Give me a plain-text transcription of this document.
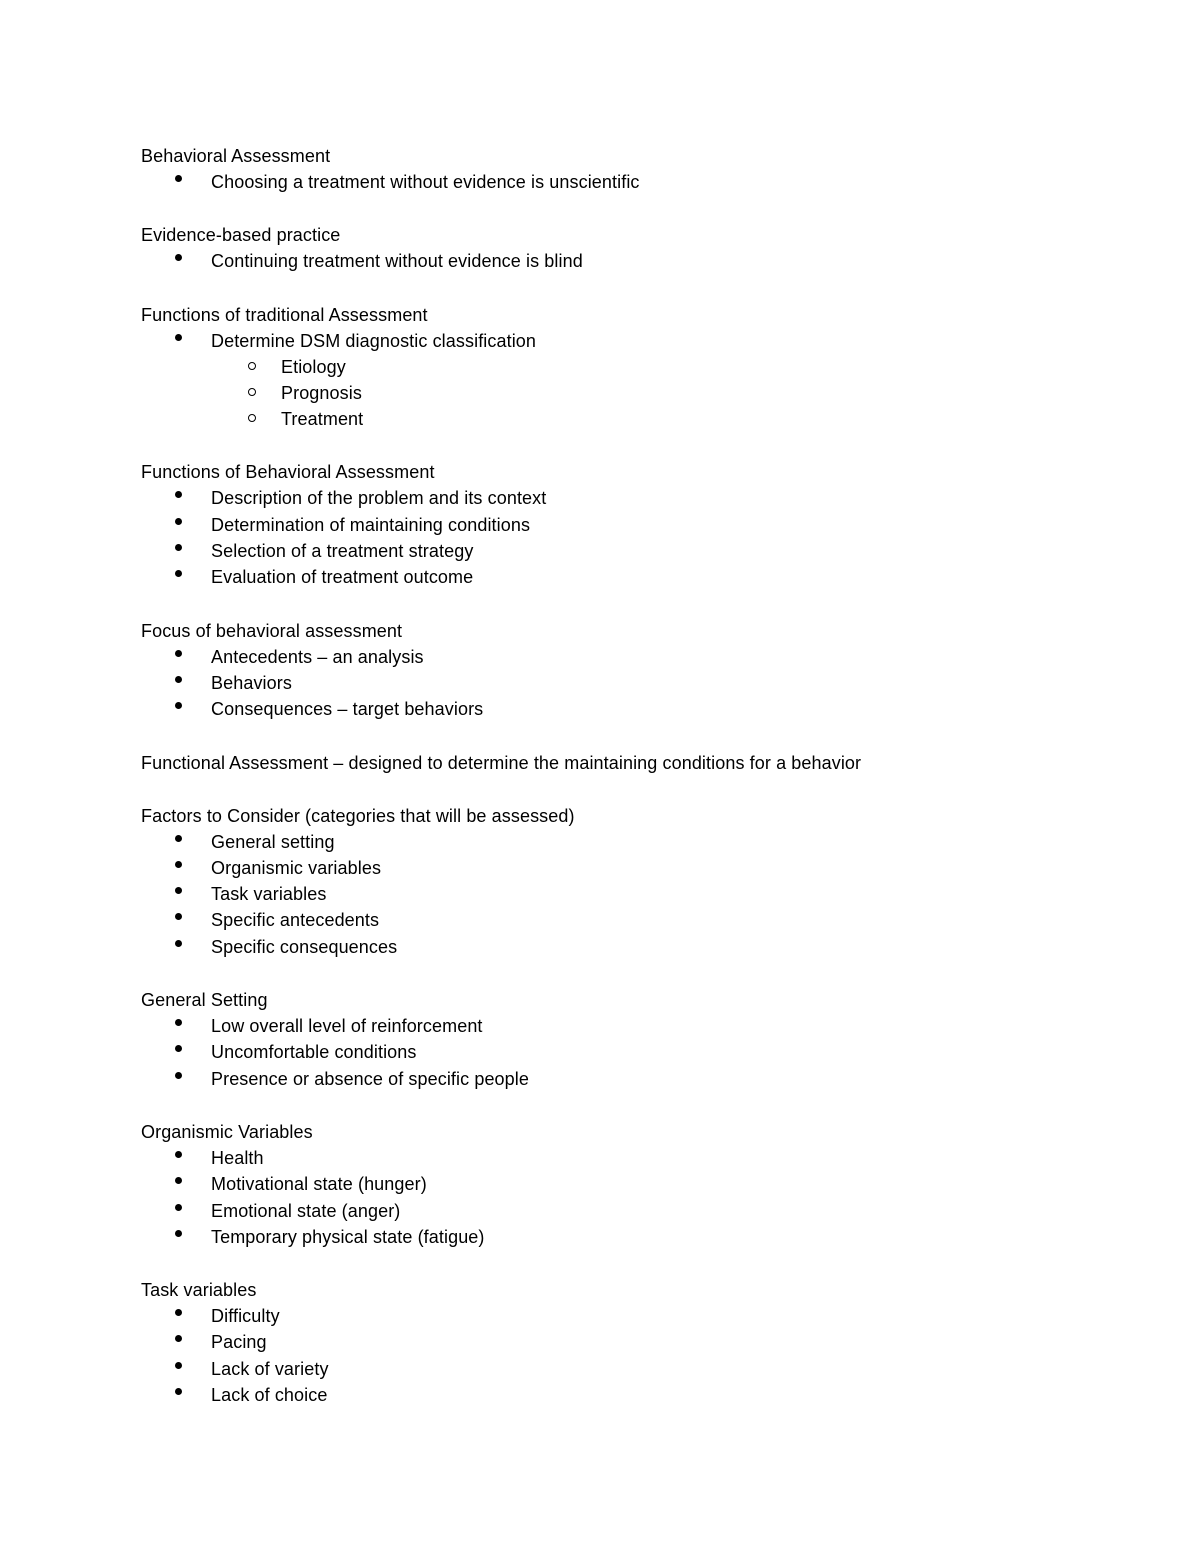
Behavioral Assessment
Choosing a treatment without evidence is unscientific
Evidence-based practice
Continuing treatment without evidence is blind
Functions of traditional Assessment
Determine DSM diagnostic classification
Etiology
Prognosis
Treatment
Functions of Behavioral Assessment
Description of the problem and its context
Determination of maintaining conditions
Selection of a treatment strategy
Evaluation of treatment outcome
Focus of behavioral assessment
Antecedents – an analysis
Behaviors
Consequences – target behaviors
Functional Assessment – designed to determine the maintaining conditions for a behavior
Factors to Consider (categories that will be assessed)
General setting
Organismic variables
Task variables
Specific antecedents
Specific consequences
General Setting
Low overall level of reinforcement
Uncomfortable conditions
Presence or absence of specific people
Organismic Variables
Health
Motivational state (hunger)
Emotional state (anger)
Temporary physical state (fatigue)
Task variables
Difficulty
Pacing
Lack of variety
Lack of choice
